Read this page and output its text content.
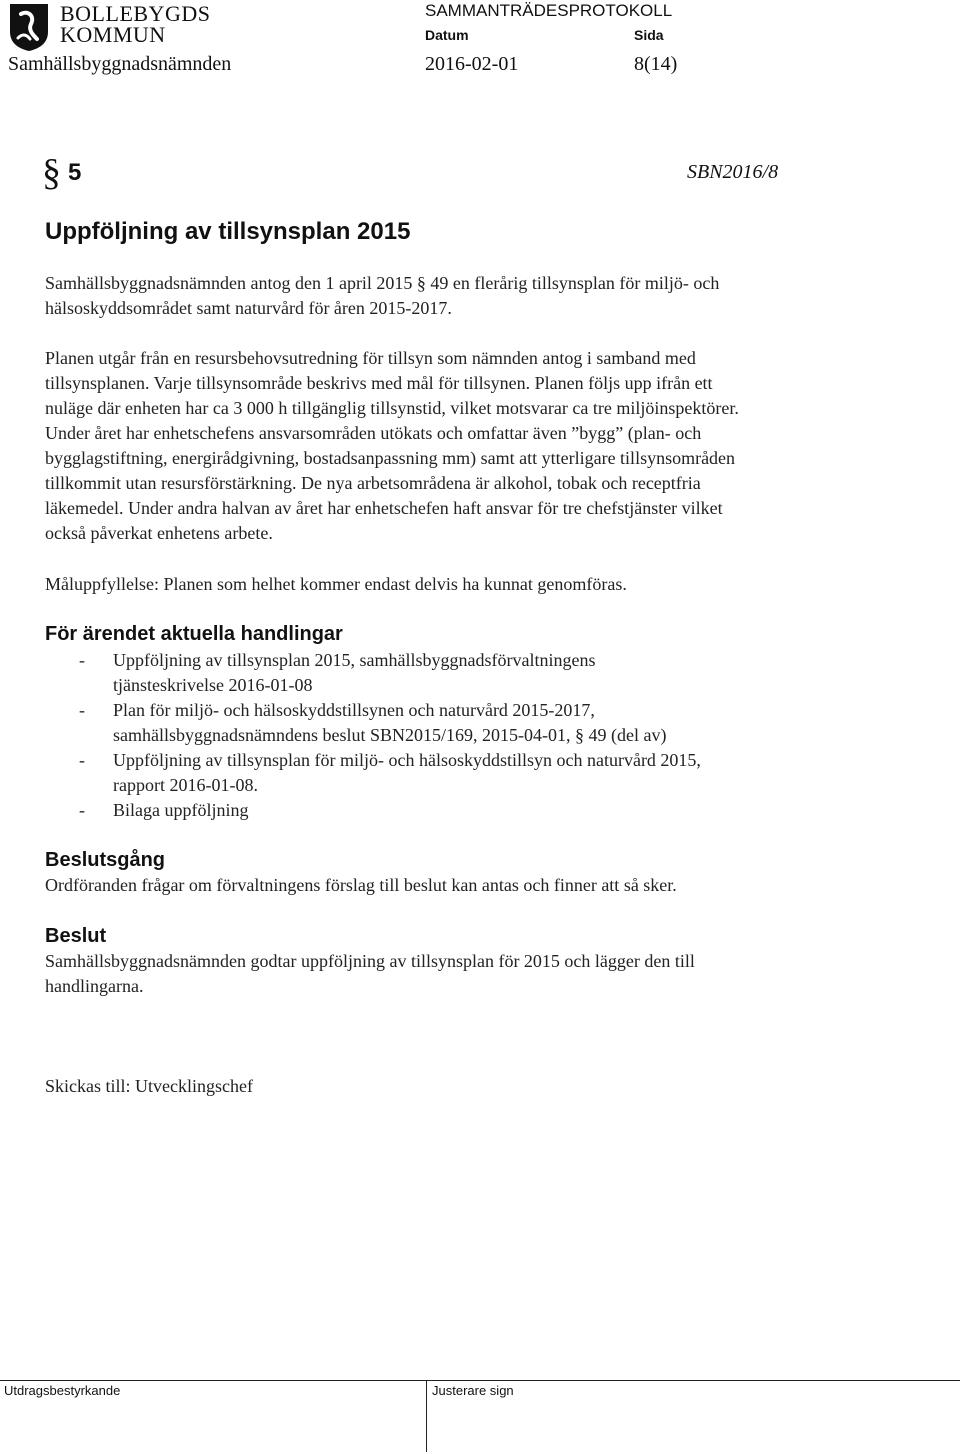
BOLLEBYGDS
KOMMUN
SAMMANTRÄDESPROTOKOLL
Datum	Sida
Samhällsbyggnadsnämnden	2016-02-01	8(14)
§ 5	SBN2016/8
Uppföljning av tillsynsplan 2015
Samhällsbyggnadsnämnden antog den 1 april 2015 § 49 en flerårig tillsynsplan för miljö- och
hälsoskyddsområdet samt naturvård för åren 2015-2017.
Planen utgår från en resursbehovsutredning för tillsyn som nämnden antog i samband med
tillsynsplanen. Varje tillsynsområde beskrivs med mål för tillsynen. Planen följs upp ifrån ett
nuläge där enheten har ca 3 000 h tillgänglig tillsynstid, vilket motsvarar ca tre miljöinspektörer.
Under året har enhetschefens ansvarsområden utökats och omfattar även ”bygg” (plan- och
bygglagstiftning, energirådgivning, bostadsanpassning mm) samt att ytterligare tillsynsområden
tillkommit utan resursförstärkning. De nya arbetsområdena är alkohol, tobak och receptfria
läkemedel. Under andra halvan av året har enhetschefen haft ansvar för tre chefstjänster vilket
också påverkat enhetens arbete.
Måluppfyllelse: Planen som helhet kommer endast delvis ha kunnat genomföras.
För ärendet aktuella handlingar
- Uppföljning av tillsynsplan 2015, samhällsbyggnadsförvaltningens
tjänsteskrivelse 2016-01-08
- Plan för miljö- och hälsoskyddstillsynen och naturvård 2015-2017,
samhällsbyggnadsnämndens beslut SBN2015/169, 2015-04-01, § 49 (del av)
- Uppföljning av tillsynsplan för miljö- och hälsoskyddstillsyn och naturvård 2015,
rapport 2016-01-08.
- Bilaga uppföljning
Beslutsgång
Ordföranden frågar om förvaltningens förslag till beslut kan antas och finner att så sker.
Beslut
Samhällsbyggnadsnämnden godtar uppföljning av tillsynsplan för 2015 och lägger den till
handlingarna.
Skickas till: Utvecklingschef
Utdragsbestyrkande	Justerare sign
